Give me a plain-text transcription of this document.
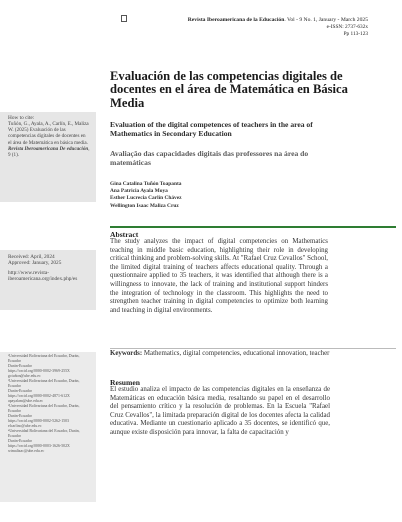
Revista Iberoamericana de la Educación. Vol - 9 No. 1, January - March 2025
e-ISSN: 2737-632x
Pp 113-123
Evaluación de las competencias digitales de docentes en el área de Matemática en Básica Media
Evaluation of the digital competences of teachers in the area of Mathematics in Secondary Education
Avaliação das capacidades digitais das professores na área do matemáticas
Gina Catalina Tuñón Toapanta
Ana Patricia Ayala Moya
Esther Lucrecia Carlín Chávez
Wellington Isaac Maliza Cruz
Abstract
The study analyzes the impact of digital competencies on Mathematics teaching in middle basic education, highlighting their role in developing critical thinking and problem-solving skills. At "Rafael Cruz Cevallos" School, the limited digital training of teachers affects educational quality. Through a questionnaire applied to 35 teachers, it was identified that although there is a willingness to innovate, the lack of training and institutional support hinders the integration of technology in the classroom. This highlights the need to strengthen teacher training in digital competencies to optimize both learning and teaching in digital environments.
Keywords: Mathematics, digital competencies, educational innovation, teacher
Resumen
El estudio analiza el impacto de las competencias digitales en la enseñanza de Matemáticas en educación básica media, resaltando su papel en el desarrollo del pensamiento crítico y la resolución de problemas. En la Escuela "Rafael Cruz Cevallos", la limitada preparación digital de los docentes afecta la calidad educativa. Mediante un cuestionario aplicado a 35 docentes, se identificó que, aunque existe disposición para innovar, la falta de capacitación y
How to cite:
Tuñón, G., Ayala, A., Carlín, E., Maliza W. (2025) Evaluación de las competencias digitales de docentes en el área de Matemática en básica media. Revista Iberoamericana De educación, 9 (1).
Received: April, 2024
Approved: January, 2025
http://www.revista-iberoamericana.org/index.php/es
¹Universidad Bolivariana del Ecuador, Durán, Ecuador
Durán-Ecuador
https://orcid.org/0000-0002-3969-255X
gctuñon@ube.edu.ec
²Universidad Bolivariana del Ecuador, Durán, Ecuador
Durán-Ecuador
https://orcid.org/0000-0002-4871-612X
apayalam@ube.edu.ec
³Universidad Bolivariana del Ecuador, Durán, Ecuador
Durán-Ecuador
https://orcid.org/0000-0002-5262-1503
elcarlinc@ube.edu.ec
⁴Universidad Bolivariana del Ecuador, Durán, Ecuador
Durán-Ecuador
https://orcid.org/0000-0003-1626-502X
wimalizac@ube.edu.ec
